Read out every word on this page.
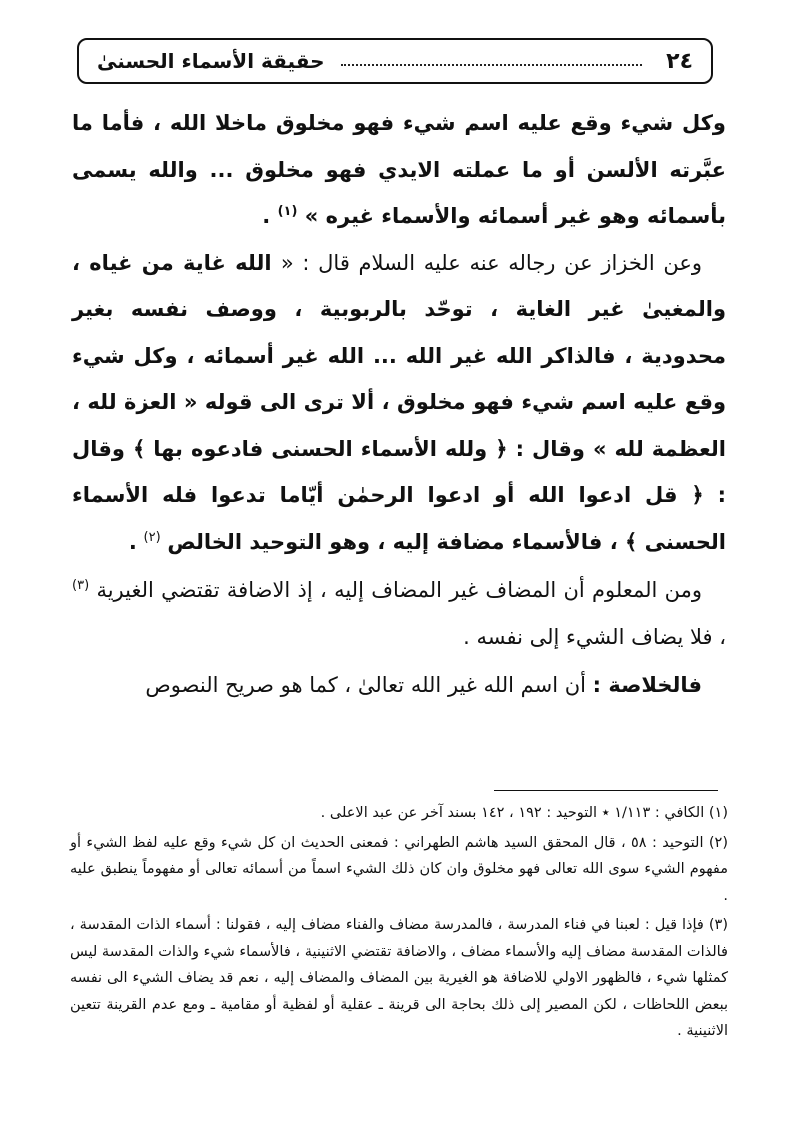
٢٤
حقيقة الأسماء الحسنىٰ

وكل شيء وقع عليه اسم شيء فهو مخلوق ماخلا الله ، فأما ما عبَّرته الألسن أو ما عملته الايدي فهو مخلوق ... والله يسمى بأسمائه وهو غير أسمائه والأسماء غيره » $^{(١)}$ .

وعن الخزاز عن رجاله عنه عليه السلام قال : « الله غاية من غياه ، والمغيىٰ غير الغاية ، توحّد بالربوبية ، ووصف نفسه بغير محدودية ، فالذاكر الله غير الله ... الله غير أسمائه ، وكل شيء وقع عليه اسم شيء فهو مخلوق ، ألا ترى الى قوله « العزة لله ، العظمة لله » وقال : ﴿ ولله الأسماء الحسنى فادعوه بها ﴾ وقال : ﴿ قل ادعوا الله أو ادعوا الرحمٰن أيّاما تدعوا فله الأسماء الحسنى ﴾ ، فالأسماء مضافة إليه ، وهو التوحيد الخالص $^{(٢)}$ .

ومن المعلوم أن المضاف غير المضاف إليه ، إذ الاضافة تقتضي الغيرية $^{(٣)}$ ، فلا يضاف الشيء إلى نفسه .

فالخلاصة : أن اسم الله غير الله تعالىٰ ، كما هو صريح النصوص

(١) الكافي : ١/١١٣ ٭ التوحيد : ١٩٢ ، ١٤٢ بسند آخر عن عبد الاعلى .

(٢) التوحيد : ٥٨ ، قال المحقق السيد هاشم الطهراني : فمعنى الحديث ان كل شيء وقع عليه لفظ الشيء أو مفهوم الشيء سوى الله تعالى فهو مخلوق وان كان ذلك الشيء اسماً من أسمائه تعالى أو مفهوماً ينطبق عليه .

(٣) فإذا قيل : لعبنا في فناء المدرسة ، فالمدرسة مضاف والفناء مضاف إليه ، فقولنا : أسماء الذات المقدسة ، فالذات المقدسة مضاف إليه والأسماء مضاف ، والاضافة تقتضي الاثنينية ، فالأسماء شيء والذات المقدسة ليس كمثلها شيء ، فالظهور الاولي للاضافة هو الغيرية بين المضاف والمضاف إليه ، نعم قد يضاف الشيء الى نفسه ببعض اللحاظات ، لكن المصير إلى ذلك بحاجة الى قرينة ـ عقلية أو لفظية أو مقامية ـ ومع عدم القرينة تتعين الاثنينية .
